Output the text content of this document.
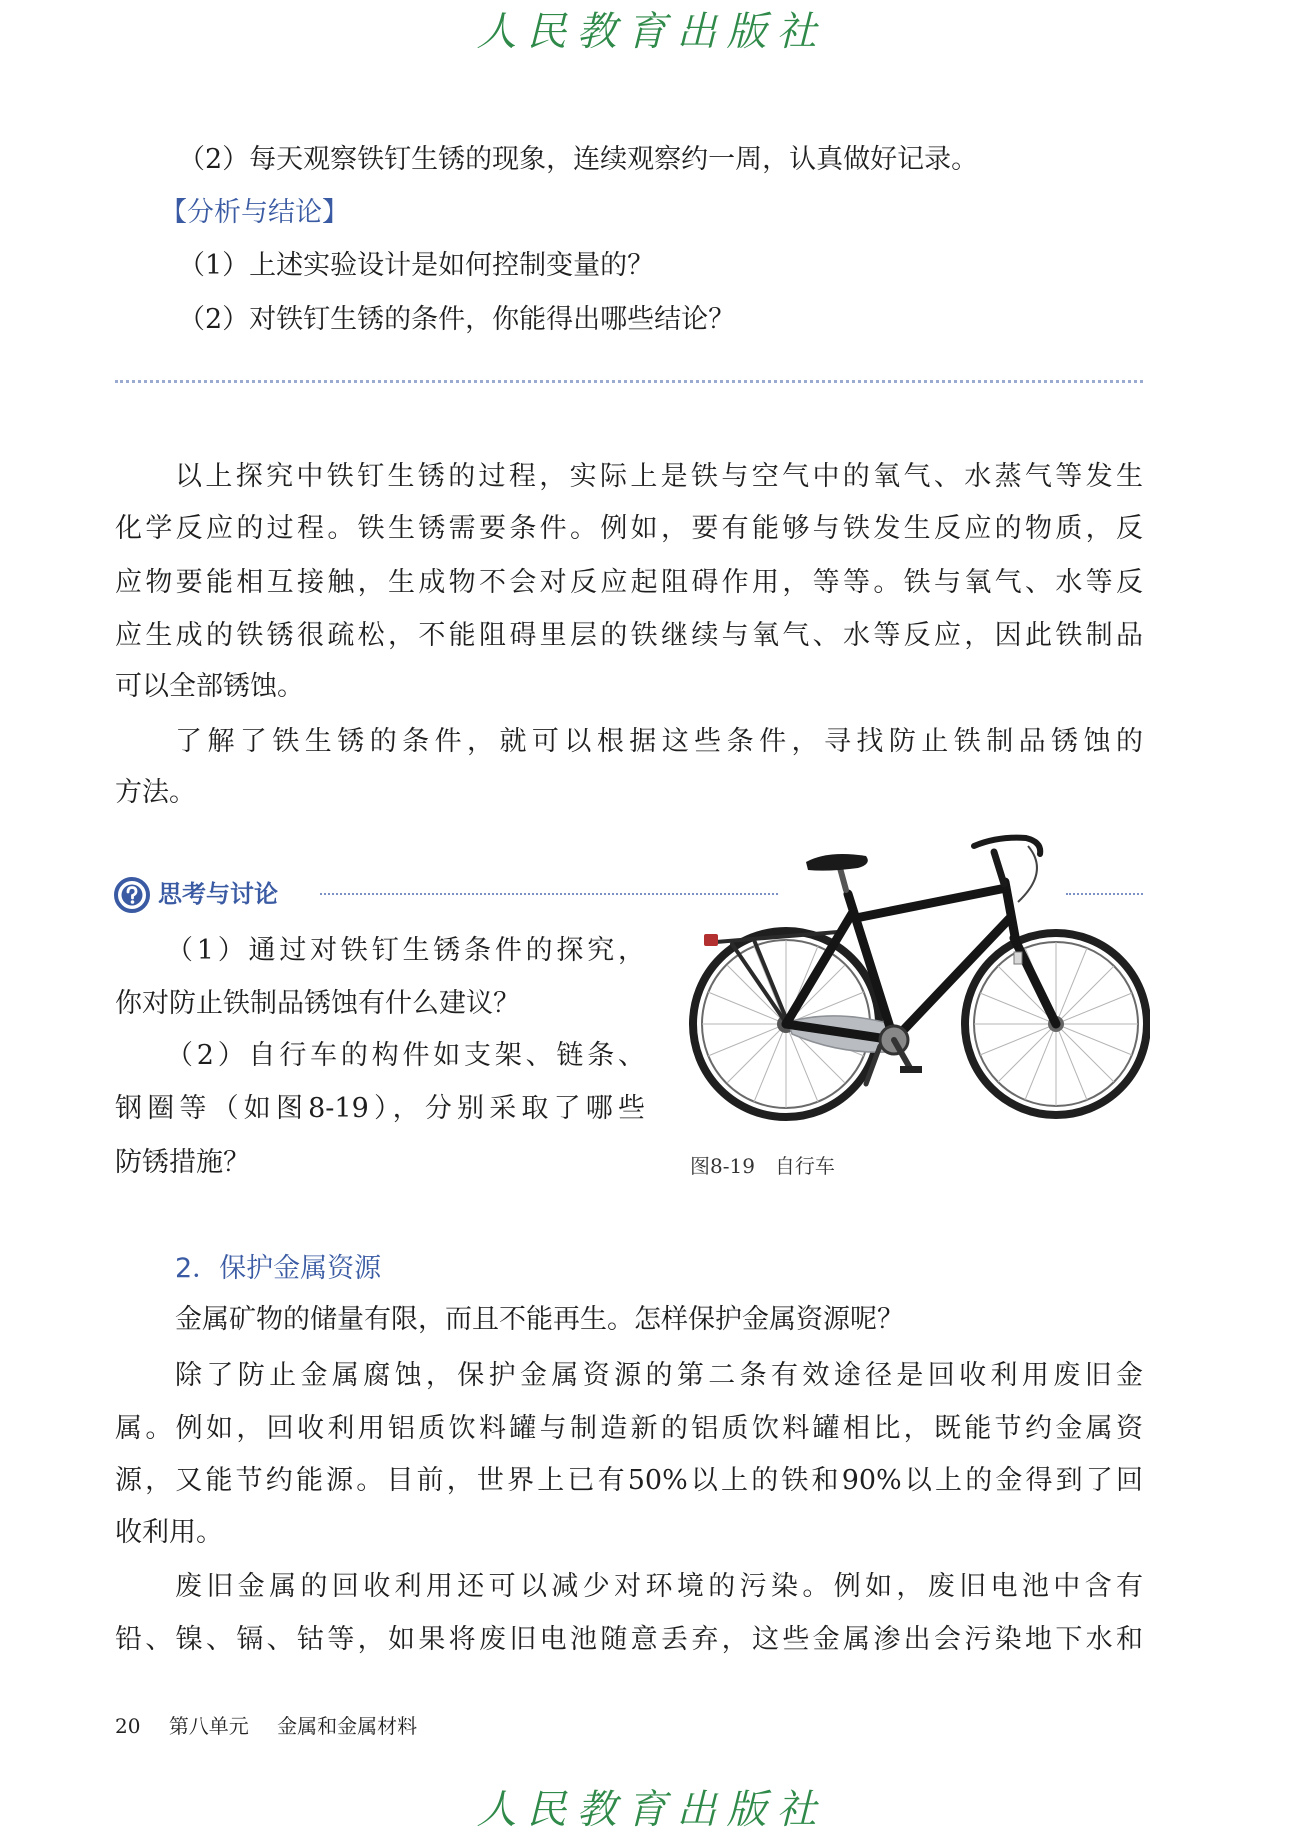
人民教育出版社
（2）每天观察铁钉生锈的现象，连续观察约一周，认真做好记录。
【分析与结论】
（1）上述实验设计是如何控制变量的？
（2）对铁钉生锈的条件，你能得出哪些结论？
以上探究中铁钉生锈的过程，实际上是铁与空气中的氧气、水蒸气等发生
化学反应的过程。铁生锈需要条件。例如，要有能够与铁发生反应的物质，反
应物要能相互接触，生成物不会对反应起阻碍作用，等等。铁与氧气、水等反
应生成的铁锈很疏松，不能阻碍里层的铁继续与氧气、水等反应，因此铁制品
可以全部锈蚀。
了解了铁生锈的条件，就可以根据这些条件，寻找防止铁制品锈蚀的
方法。
思考与讨论
（1）通过对铁钉生锈条件的探究，
你对防止铁制品锈蚀有什么建议？
（2）自行车的构件如支架、链条、
钢圈等（如图8-19），分别采取了哪些
防锈措施？	图8-19　自行车
2．保护金属资源
金属矿物的储量有限，而且不能再生。怎样保护金属资源呢？
除了防止金属腐蚀，保护金属资源的第二条有效途径是回收利用废旧金
属。例如，回收利用铝质饮料罐与制造新的铝质饮料罐相比，既能节约金属资
源，又能节约能源。目前，世界上已有50%以上的铁和90%以上的金得到了回
收利用。
废旧金属的回收利用还可以减少对环境的污染。例如，废旧电池中含有
铅、镍、镉、钴等，如果将废旧电池随意丢弃，这些金属渗出会污染地下水和
20 第八单元 金属和金属材料
人民教育出版社
